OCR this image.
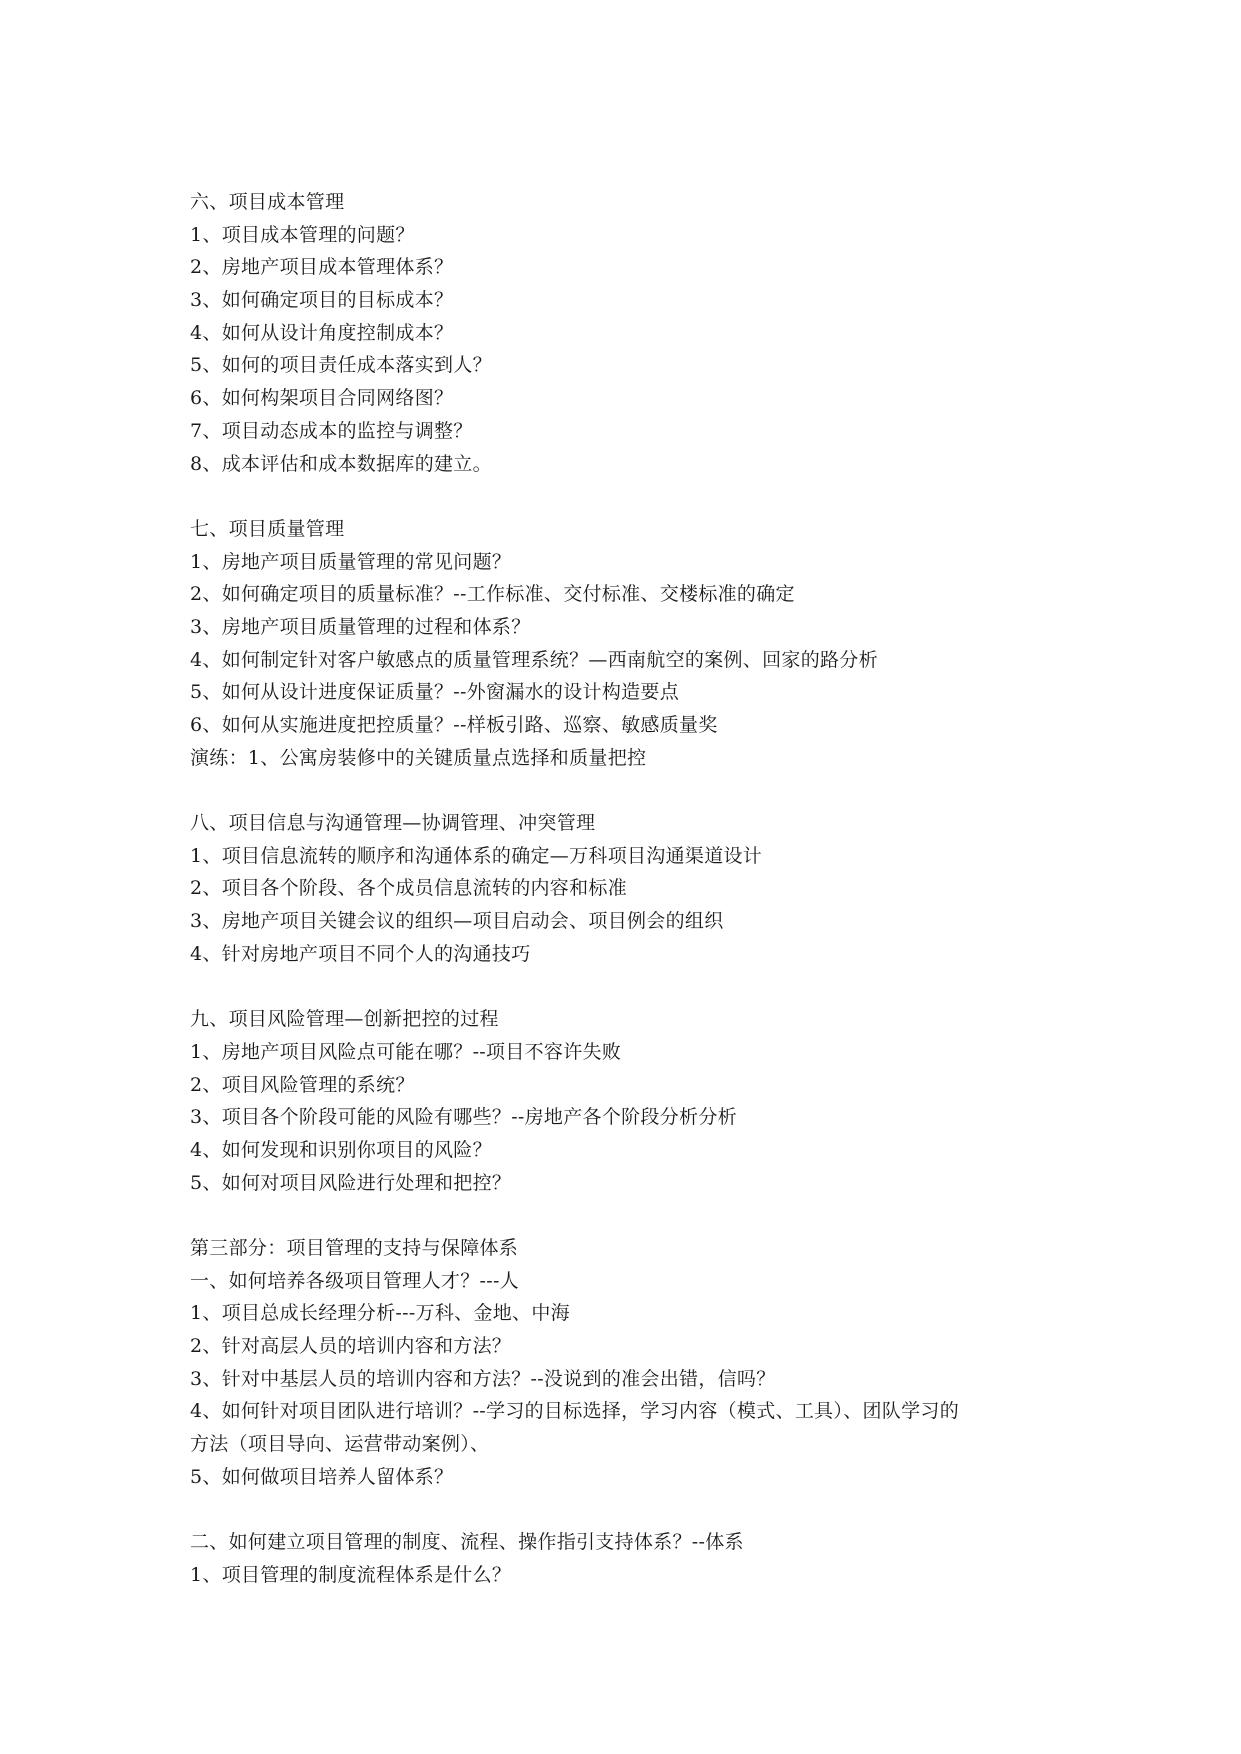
六、项目成本管理
1、项目成本管理的问题？
2、房地产项目成本管理体系？
3、如何确定项目的目标成本？
4、如何从设计角度控制成本？
5、如何的项目责任成本落实到人？
6、如何构架项目合同网络图？
7、项目动态成本的监控与调整？
8、成本评估和成本数据库的建立。
七、项目质量管理
1、房地产项目质量管理的常见问题？
2、如何确定项目的质量标准？--工作标准、交付标准、交楼标准的确定
3、房地产项目质量管理的过程和体系？
4、如何制定针对客户敏感点的质量管理系统？—西南航空的案例、回家的路分析
5、如何从设计进度保证质量？--外窗漏水的设计构造要点
6、如何从实施进度把控质量？--样板引路、巡察、敏感质量奖
演练：1、公寓房装修中的关键质量点选择和质量把控
八、项目信息与沟通管理—协调管理、冲突管理
1、项目信息流转的顺序和沟通体系的确定—万科项目沟通渠道设计
2、项目各个阶段、各个成员信息流转的内容和标准
3、房地产项目关键会议的组织—项目启动会、项目例会的组织
4、针对房地产项目不同个人的沟通技巧
九、项目风险管理—创新把控的过程
1、房地产项目风险点可能在哪？--项目不容许失败
2、项目风险管理的系统？
3、项目各个阶段可能的风险有哪些？--房地产各个阶段分析分析
4、如何发现和识别你项目的风险？
5、如何对项目风险进行处理和把控？
第三部分：项目管理的支持与保障体系
一、如何培养各级项目管理人才？---人
1、项目总成长经理分析---万科、金地、中海
2、针对高层人员的培训内容和方法？
3、针对中基层人员的培训内容和方法？--没说到的准会出错，信吗？
4、如何针对项目团队进行培训？--学习的目标选择，学习内容（模式、工具）、团队学习的
方法（项目导向、运营带动案例）、
5、如何做项目培养人留体系？
二、如何建立项目管理的制度、流程、操作指引支持体系？--体系
1、项目管理的制度流程体系是什么？
